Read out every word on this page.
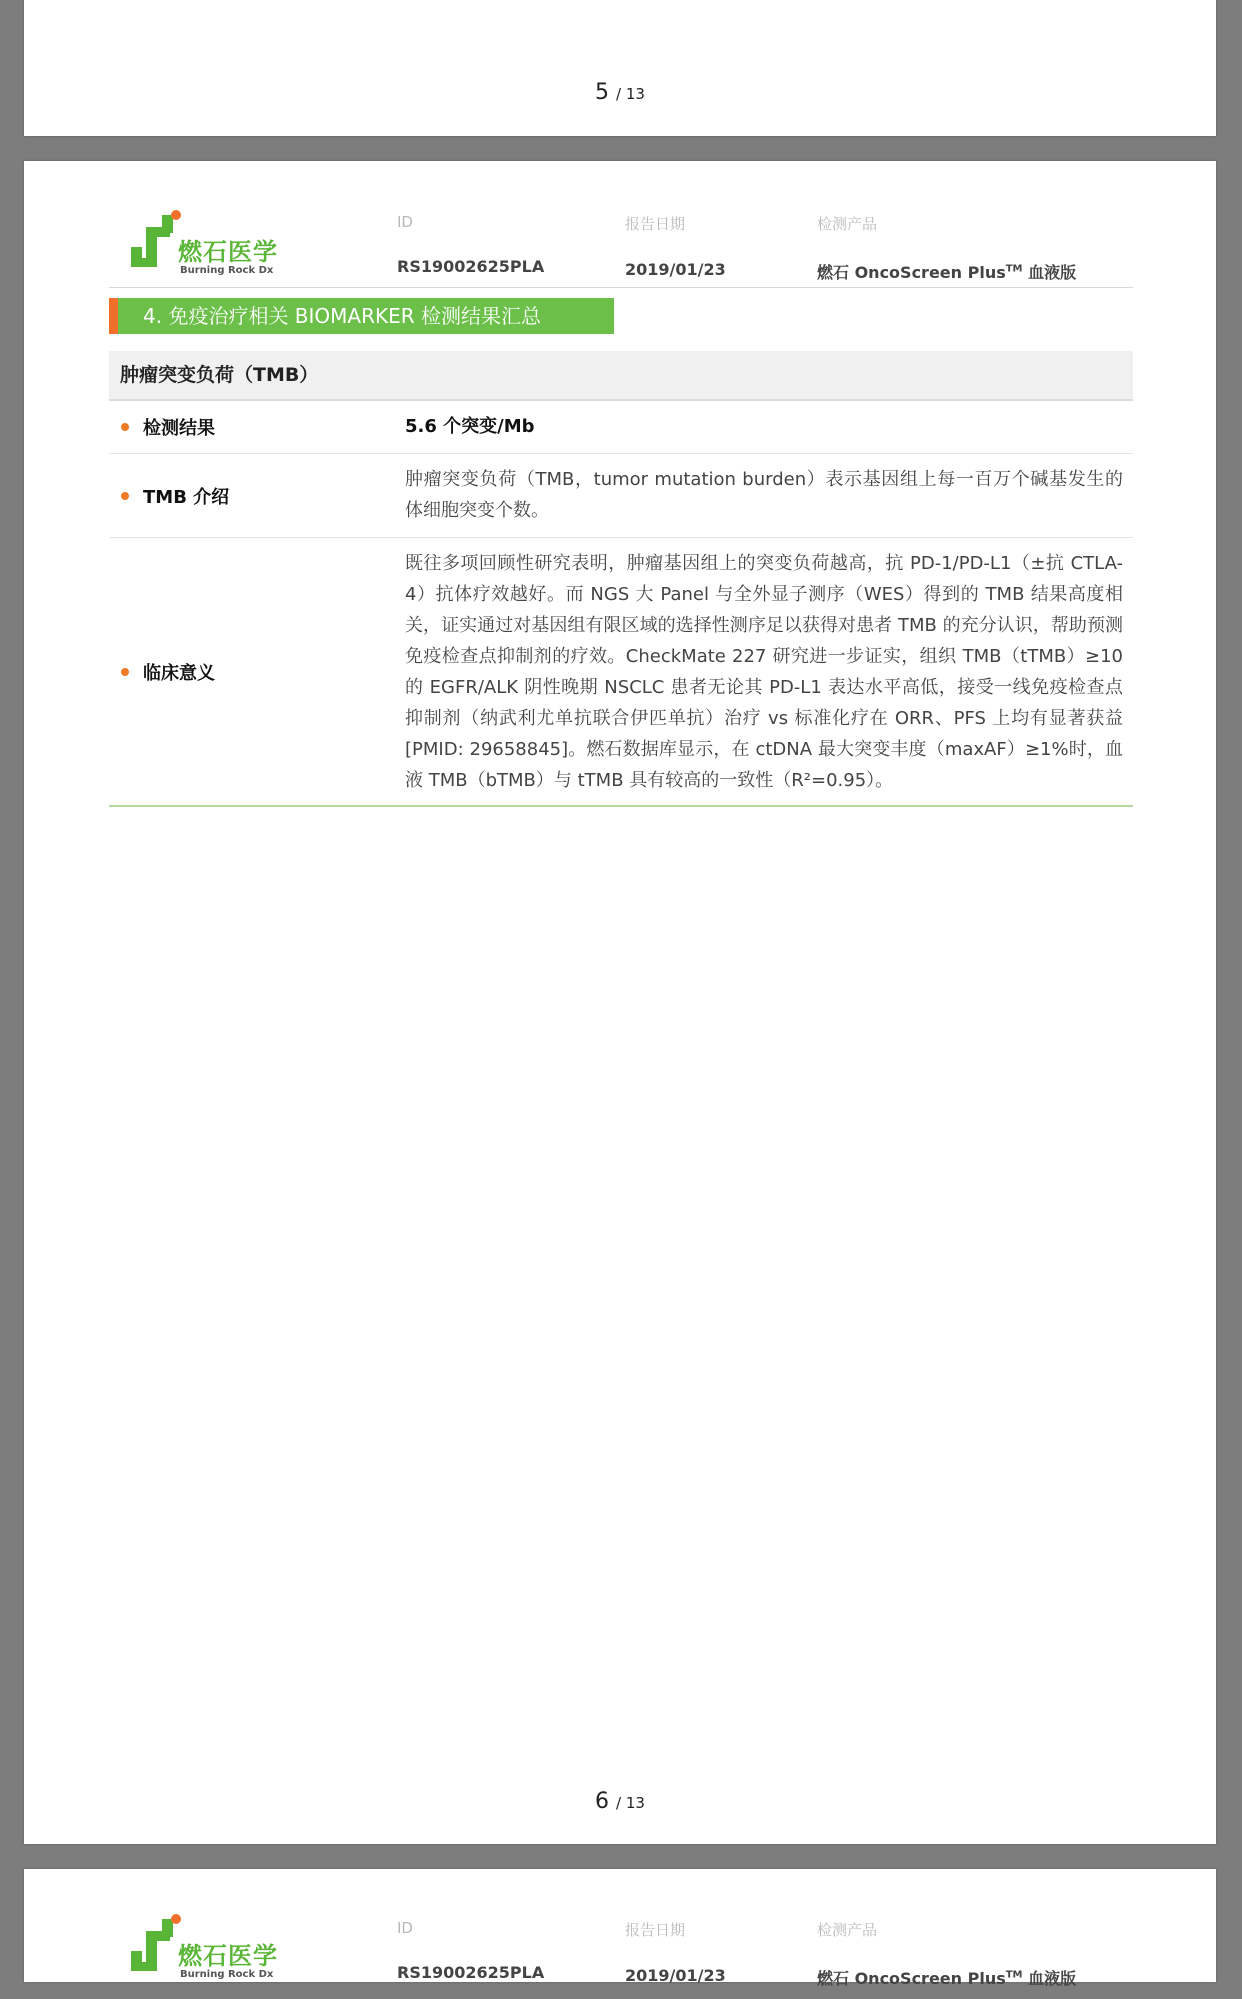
5 / 13
燃石医学
Burning Rock Dx
ID
RS19002625PLA
报告日期
2019/01/23
检测产品
燃石 OncoScreen Plus™ 血液版
4. 免疫治疗相关 BIOMARKER 检测结果汇总
肿瘤突变负荷（TMB）
检测结果	5.6 个突变/Mb
TMB 介绍
肿瘤突变负荷（TMB，tumor mutation burden）表示基因组上每一百万个碱基发生的体细胞突变个数。
临床意义
既往多项回顾性研究表明，肿瘤基因组上的突变负荷越高，抗 PD-1/PD-L1（±抗 CTLA-4）抗体疗效越好。而 NGS 大 Panel 与全外显子测序（WES）得到的 TMB 结果高度相关，证实通过对基因组有限区域的选择性测序足以获得对患者 TMB 的充分认识，帮助预测免疫检查点抑制剂的疗效。CheckMate 227 研究进一步证实，组织 TMB（tTMB）≥10 的 EGFR/ALK 阴性晚期 NSCLC 患者无论其 PD-L1 表达水平高低，接受一线免疫检查点抑制剂（纳武利尤单抗联合伊匹单抗）治疗 vs 标准化疗在 ORR、PFS 上均有显著获益 [PMID: 29658845]。燃石数据库显示，在 ctDNA 最大突变丰度（maxAF）≥1%时，血液 TMB（bTMB）与 tTMB 具有较高的一致性（R²=0.95）。
6 / 13
燃石医学
Burning Rock Dx
ID
RS19002625PLA
报告日期
2019/01/23
检测产品
燃石 OncoScreen Plus™ 血液版
